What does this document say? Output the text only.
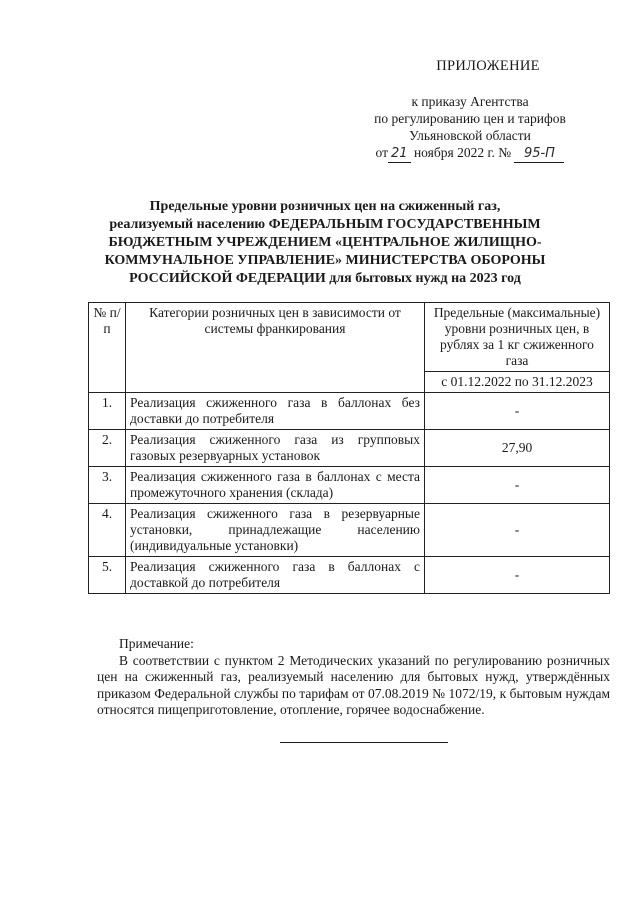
ПРИЛОЖЕНИЕ
к приказу Агентства
по регулированию цен и тарифов
Ульяновской области
от 21 ноября 2022 г. № 95-П
Предельные уровни розничных цен на сжиженный газ,
реализуемый населению ФЕДЕРАЛЬНЫМ ГОСУДАРСТВЕННЫМ
БЮДЖЕТНЫМ УЧРЕЖДЕНИЕМ «ЦЕНТРАЛЬНОЕ ЖИЛИЩНО-
КОММУНАЛЬНОЕ УПРАВЛЕНИЕ» МИНИСТЕРСТВА ОБОРОНЫ
РОССИЙСКОЙ ФЕДЕРАЦИИ для бытовых нужд на 2023 год
№ п/п	Категории розничных цен в зависимости от системы франкирования	Предельные (максимальные) уровни розничных цен, в рублях за 1 кг сжиженного газа
		с 01.12.2022 по 31.12.2023
1.	Реализация сжиженного газа в баллонах без доставки до потребителя	-
2.	Реализация сжиженного газа из групповых газовых резервуарных установок	27,90
3.	Реализация сжиженного газа в баллонах с места промежуточного хранения (склада)	-
4.	Реализация сжиженного газа в резервуарные установки, принадлежащие населению (индивидуальные установки)	-
5.	Реализация сжиженного газа в баллонах с доставкой до потребителя	-
Примечание:
В соответствии с пунктом 2 Методических указаний по регулированию розничных цен на сжиженный газ, реализуемый населению для бытовых нужд, утверждённых приказом Федеральной службы по тарифам от 07.08.2019 № 1072/19, к бытовым нуждам относятся пищеприготовление, отопление, горячее водоснабжение.
